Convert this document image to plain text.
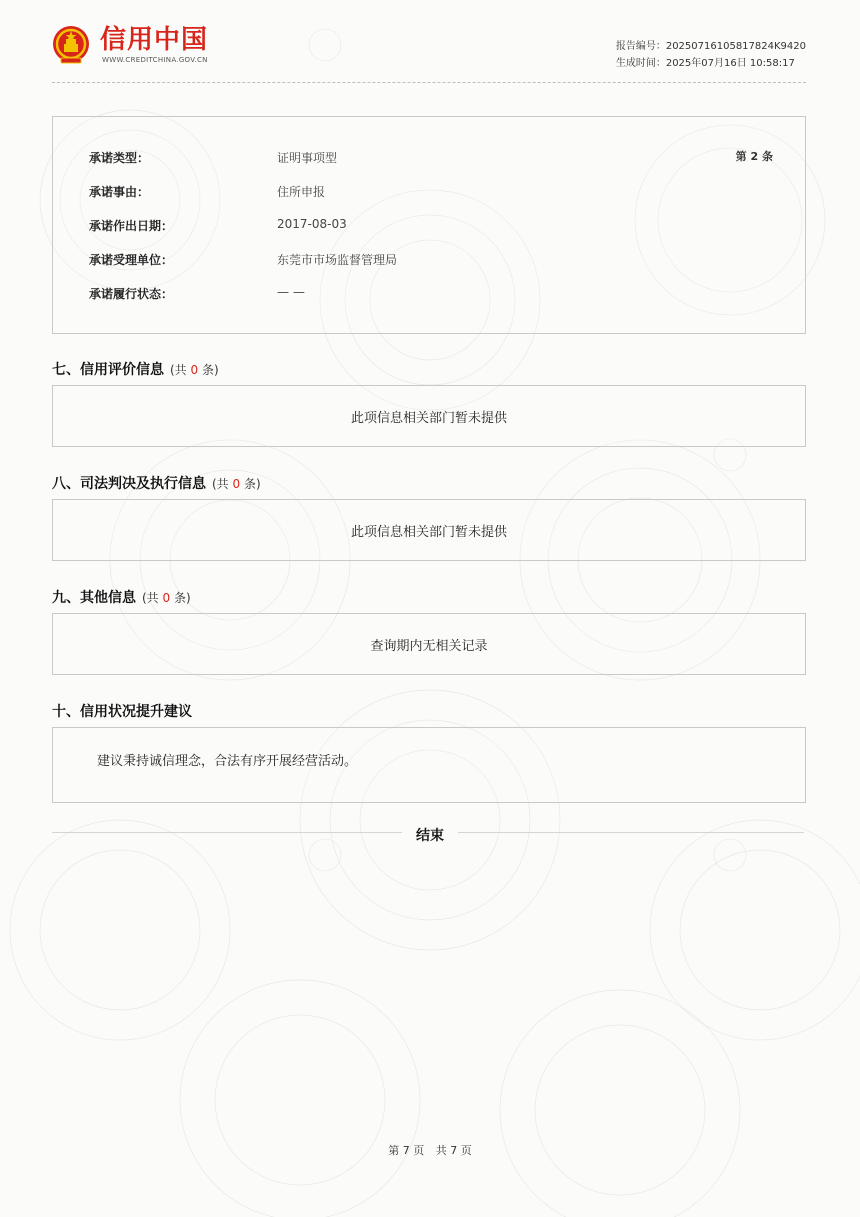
信用中国
WWW.CREDITCHINA.GOV.CN
报告编号：2025071610581782​4K9420
生成时间：2025年07月16日 10:58:17
第 2 条
承诺类型：	证明事项型
承诺事由：	住所申报
承诺作出日期：	2017-08-03
承诺受理单位：	东莞市市场监督管理局
承诺履行状态：	— —
七、信用评价信息 (共 0 条)
此项信息相关部门暂未提供
八、司法判决及执行信息 (共 0 条)
此项信息相关部门暂未提供
九、其他信息 (共 0 条)
查询期内无相关记录
十、信用状况提升建议
建议秉持诚信理念，合法有序开展经营活动。
结束
第 7 页 共 7 页
